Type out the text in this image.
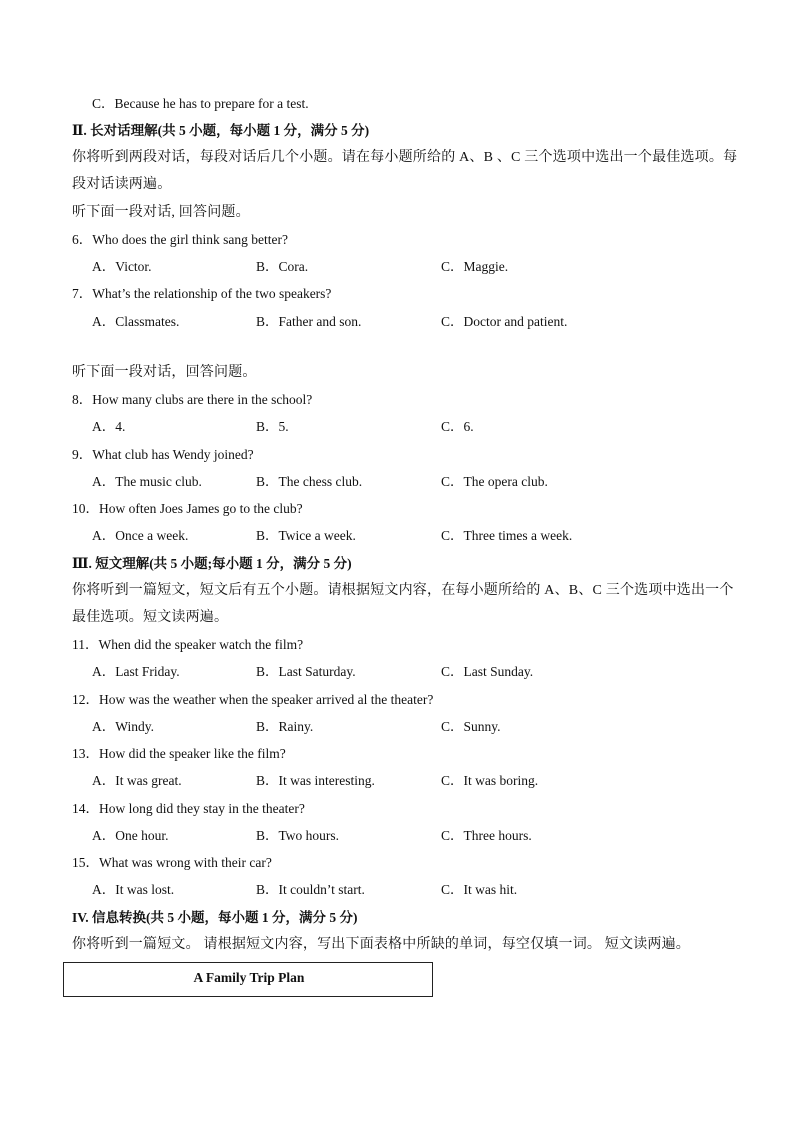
C．Because he has to prepare for a test.
Ⅱ. 长对话理解(共 5 小题，每小题 1 分，满分 5 分)
你将听到两段对话，每段对话后几个小题。请在每小题所给的 A、B 、C 三个选项中选出一个最佳选项。每
段对话读两遍。
听下面一段对话, 回答问题。
6．Who does the girl think sang better?
A．Victor.	B．Cora.	C．Maggie.
7．What’s the relationship of the two speakers?
A．Classmates.	B．Father and son.	C．Doctor and patient.
听下面一段对话，回答问题。
8．How many clubs are there in the school?
A．4.	B．5.	C．6.
9．What club has Wendy joined?
A．The music club.	B．The chess club.	C．The opera club.
10．How often Joes James go to the club?
A．Once a week.	B．Twice a week.	C．Three times a week.
Ⅲ. 短文理解(共 5 小题;每小题 1 分，满分 5 分)
你将听到一篇短文，短文后有五个小题。请根据短文内容，在每小题所给的 A、B、C 三个选项中选出一个
最佳选项。短文读两遍。
11．When did the speaker watch the film?
A．Last Friday.	B．Last Saturday.	C．Last Sunday.
12．How was the weather when the speaker arrived al the theater?
A．Windy.	B．Rainy.	C．Sunny.
13．How did the speaker like the film?
A．It was great.	B．It was interesting.	C．It was boring.
14．How long did they stay in the theater?
A．One hour.	B．Two hours.	C．Three hours.
15．What was wrong with their car?
A．It was lost.	B．It couldn’t start.	C．It was hit.
IV. 信息转换(共 5 小题，每小题 1 分，满分 5 分)
你将听到一篇短文。 请根据短文内容，写出下面表格中所缺的单词，每空仅填一词。 短文读两遍。
A Family Trip Plan
